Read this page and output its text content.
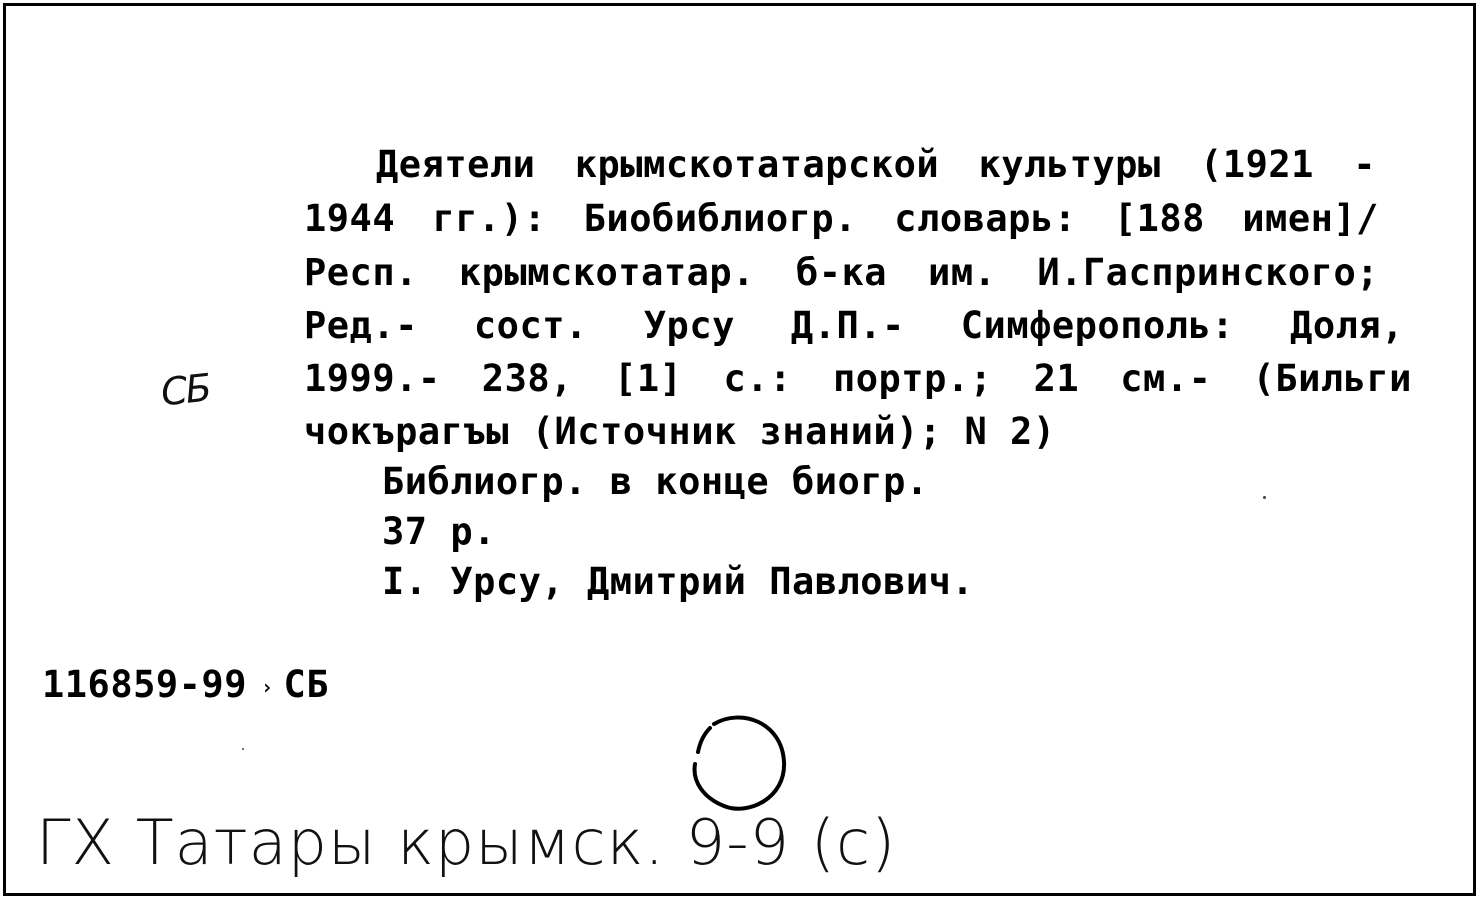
Деятели крымскотатарской культуры (1921 -
1944 гг.): Биобиблиогр. словарь: [188 имен]/
Респ. крымскотатар. б-ка им. И.Гаспринского;
Ред.- сост. Урсу Д.П.- Симферополь: Доля,
1999.- 238, [1] с.: портр.; 21 см.- (Бильги
чокърагъы (Источник знаний); N 2)
Библиогр. в конце биогр.
37 р.
I. Урсу, Дмитрий Павлович.
116859-99 › СБ
СБ
ГХ Татары крымск. 9-9 (с)
